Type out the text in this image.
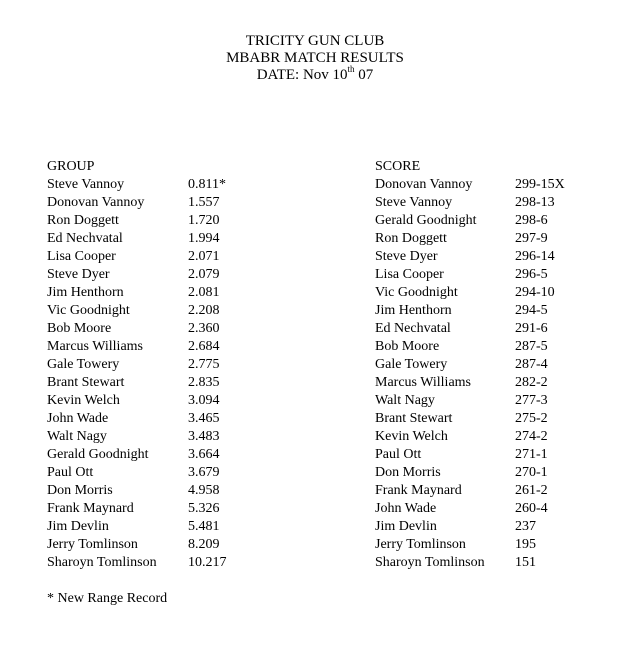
TRICITY GUN CLUB
MBABR MATCH RESULTS
DATE: Nov 10th 07
GROUP	SCORE
Steve Vannoy	0.811*
Donovan Vannoy	1.557
Ron Doggett	1.720
Ed Nechvatal	1.994
Lisa Cooper	2.071
Steve Dyer	2.079
Jim Henthorn	2.081
Vic Goodnight	2.208
Bob Moore	2.360
Marcus Williams	2.684
Gale Towery	2.775
Brant Stewart	2.835
Kevin Welch	3.094
John Wade	3.465
Walt Nagy	3.483
Gerald Goodnight	3.664
Paul Ott	3.679
Don Morris	4.958
Frank Maynard	5.326
Jim Devlin	5.481
Jerry Tomlinson	8.209
Sharoyn Tomlinson 10.217
Donovan Vannoy	299-15X
Steve Vannoy	298-13
Gerald Goodnight	298-6
Ron Doggett	297-9
Steve Dyer	296-14
Lisa Cooper	296-5
Vic Goodnight	294-10
Jim Henthorn	294-5
Ed Nechvatal	291-6
Bob Moore	287-5
Gale Towery	287-4
Marcus Williams	282-2
Walt Nagy	277-3
Brant Stewart	275-2
Kevin Welch	274-2
Paul Ott	271-1
Don Morris	270-1
Frank Maynard	261-2
John Wade	260-4
Jim Devlin	237
Jerry Tomlinson	195
Sharoyn Tomlinson 151
* New Range Record
